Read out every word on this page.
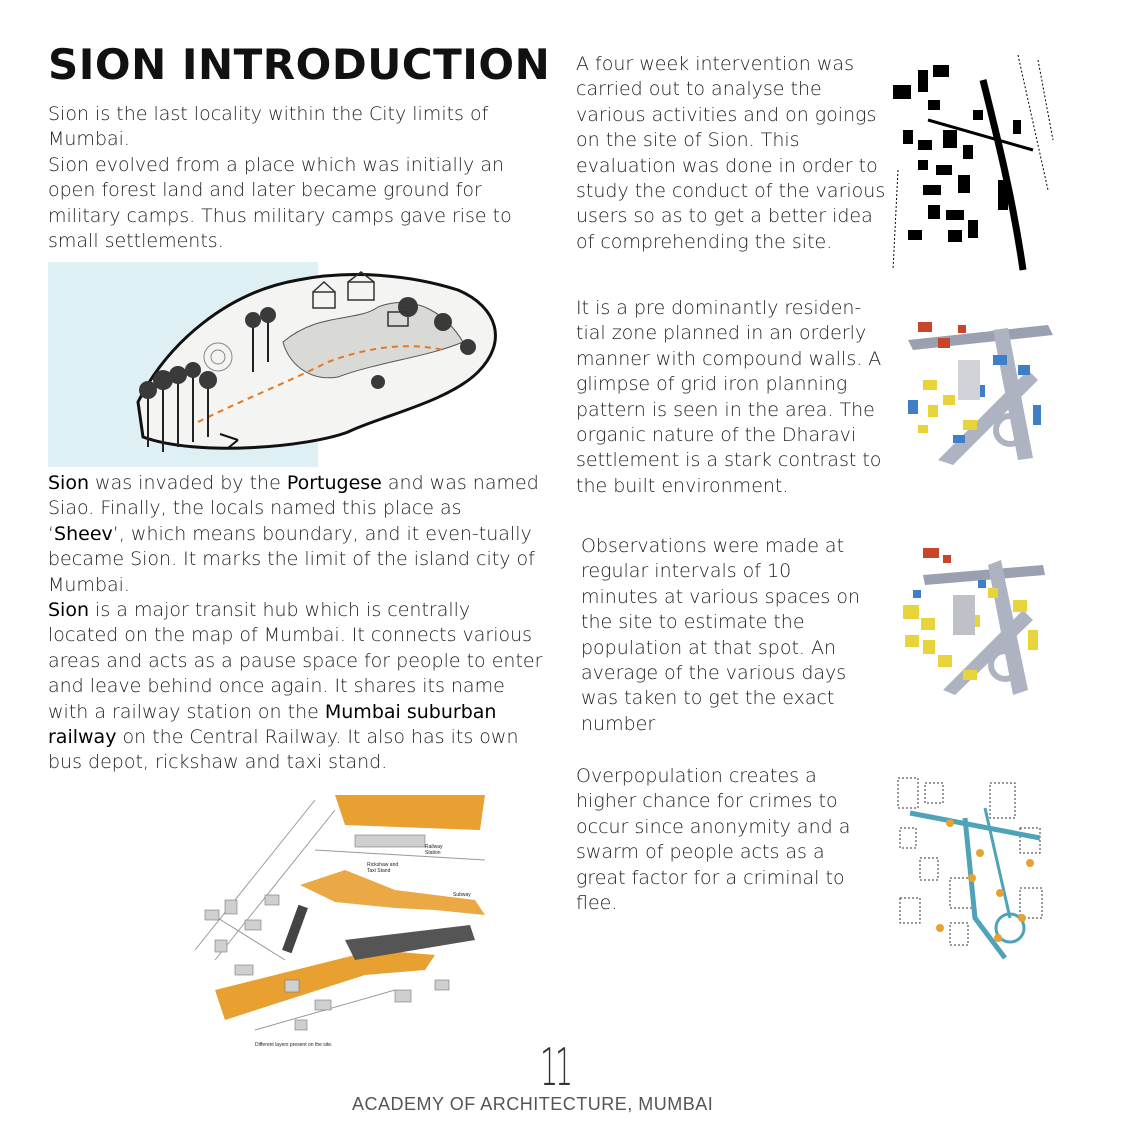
SION INTRODUCTION

Sion is the last locality within the City limits of Mumbai.

Sion evolved from a place which was initially an open forest land and later became ground for military camps. Thus military camps gave rise to small settlements.

Sion was invaded by the Portugese and was named Siao. Finally, the locals named this place as ‘Sheev’, which means boundary, and it even-tually became Sion. It marks the limit of the island city of Mumbai.

Sion is a major transit hub which is centrally located on the map of Mumbai. It connects various areas and acts as a pause space for people to enter and leave behind once again. It shares its name with a railway station on the Mumbai suburban railway on the Central Railway. It also has its own bus depot, rickshaw and taxi stand.

Railway
Station
Rickshaw and
Taxi Stand
Subway
Different layers present on the site.
A four week intervention was carried out to analyse the various activities and on goings on the site of Sion. This evaluation was done in order to study the conduct of the various users so as to get a better idea of comprehending the site.
It is a pre dominantly residen-tial zone planned in an orderly manner with compound walls. A glimpse of grid iron planning pattern is seen in the area. The organic nature of the Dharavi settlement is a stark contrast to the built environment.
Observations were made at regular intervals of 10 minutes at various spaces on the site to estimate the population at that spot. An average of the various days was taken to get the exact number
Overpopulation creates a higher chance for crimes to occur since anonymity and a swarm of people acts as a great factor for a criminal to flee.
11
ACADEMY OF ARCHITECTURE, MUMBAI
